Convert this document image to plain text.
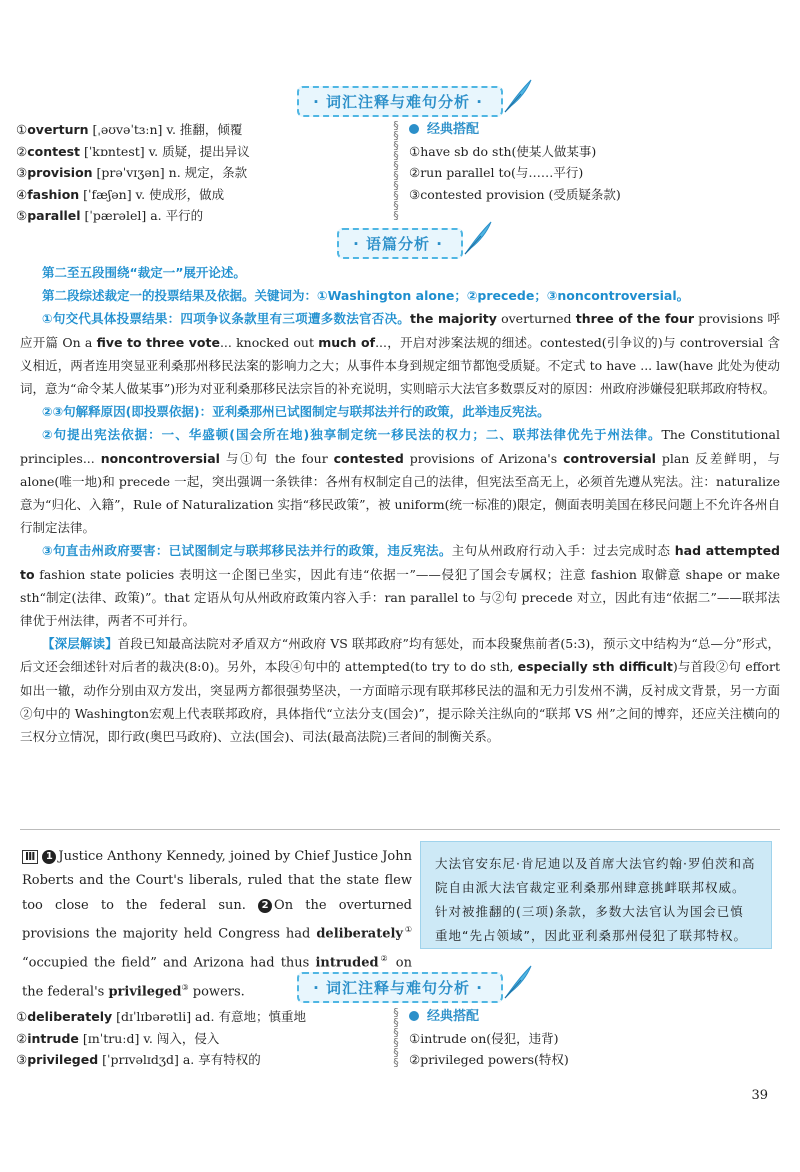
· 词汇注释与难句分析 ·
①overturn [ˌəʊvəˈtɜːn] v. 推翻，倾覆
②contest [ˈkɒntest] v. 质疑，提出异议
③provision [prəˈvɪʒən] n. 规定，条款
④fashion [ˈfæʃən] v. 使成形，做成
⑤parallel [ˈpærəlel] a. 平行的
§
§
§
§
§
§
§
§
§
§
经典搭配
①have sb do sth(使某人做某事)
②run parallel to(与……平行)
③contested provision (受质疑条款)
· 语篇分析 ·

第二至五段围绕“裁定一”展开论述。

第二段综述裁定一的投票结果及依据。关键词为：①Washington alone；②precede；③noncontroversial。

①句交代具体投票结果：四项争议条款里有三项遭多数法官否决。the majority overturned three of the four provisions 呼应开篇 On a five to three vote... knocked out much of...，开启对涉案法规的细述。contested(引争议的)与 controversial 含义相近，两者连用突显亚利桑那州移民法案的影响力之大；从事件本身到规定细节都饱受质疑。不定式 to have ... law(have 此处为使动词，意为“命令某人做某事”)形为对亚利桑那移民法宗旨的补充说明，实则暗示大法官多数票反对的原因：州政府涉嫌侵犯联邦政府特权。

②③句解释原因(即投票依据)：亚利桑那州已试图制定与联邦法并行的政策，此举违反宪法。

②句提出宪法依据：一、华盛顿(国会所在地)独享制定统一移民法的权力；二、联邦法律优先于州法律。The Constitutional principles... noncontroversial 与①句 the four contested provisions of Arizona's controversial plan 反差鲜明，与 alone(唯一地)和 precede 一起，突出强调一条铁律：各州有权制定自己的法律，但宪法至高无上，必须首先遵从宪法。注：naturalize 意为“归化、入籍”，Rule of Naturalization 实指“移民政策”，被 uniform(统一标准的)限定，侧面表明美国在移民问题上不允许各州自行制定法律。

③句直击州政府要害：已试图制定与联邦移民法并行的政策，违反宪法。主句从州政府行动入手：过去完成时态 had attempted to fashion state policies 表明这一企图已坐实，因此有违“依据一”——侵犯了国会专属权；注意 fashion 取僻意 shape or make sth“制定(法律、政策)”。that 定语从句从州政府政策内容入手：ran parallel to 与②句 precede 对立，因此有违“依据二”——联邦法律优于州法律，两者不可并行。

【深层解读】首段已知最高法院对矛盾双方“州政府 VS 联邦政府”均有惩处，而本段聚焦前者(5:3)，预示文中结构为“总—分”形式，后文还会细述针对后者的裁决(8:0)。另外，本段④句中的 attempted(to try to do sth, especially sth difficult)与首段②句 effort 如出一辙，动作分别由双方发出，突显两方都很强势坚决，一方面暗示现有联邦移民法的温和无力引发州不满，反衬成文背景，另一方面②句中的 Washington宏观上代表联邦政府，具体指代“立法分支(国会)”，提示除关注纵向的“联邦 VS 州”之间的博弈，还应关注横向的三权分立情况，即行政(奥巴马政府)、立法(国会)、司法(最高法院)三者间的制衡关系。

Ⅲ 1 Justice Anthony Kennedy, joined by Chief Justice John Roberts and the Court's liberals, ruled that the state flew too close to the federal sun. 2 On the overturned provisions the majority held Congress had deliberately① “occupied the field” and Arizona had thus intruded② on the federal's privileged③ powers.
大法官安东尼·肯尼迪以及首席大法官约翰·罗伯茨和高院自由派大法官裁定亚利桑那州肆意挑衅联邦权威。针对被推翻的(三项)条款，多数大法官认为国会已慎重地“先占领域”，因此亚利桑那州侵犯了联邦特权。
· 词汇注释与难句分析 ·
①deliberately [dɪˈlɪbərətli] ad. 有意地；慎重地
②intrude [ɪnˈtruːd] v. 闯入，侵入
③privileged [ˈprɪvəlɪdʒd] a. 享有特权的
§
§
§
§
§
§
经典搭配
①intrude on(侵犯，违背)
②privileged powers(特权)
39
